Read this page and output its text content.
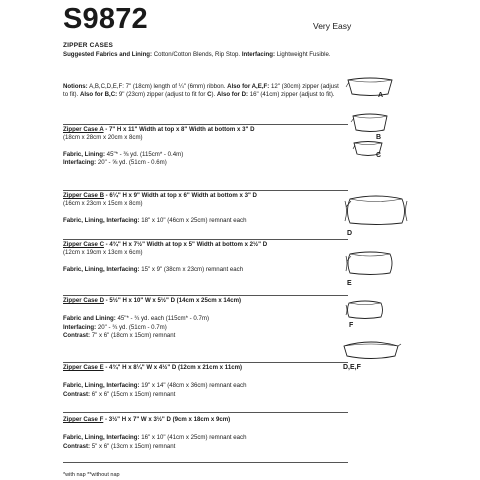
S9872	Very Easy
ZIPPER CASES
Suggested Fabrics and Lining: Cotton/Cotton Blends, Rip Stop. Interfacing: Lightweight Fusible.
Notions: A,B,C,D,E,F: 7" (18cm) length of ¼" (6mm) ribbon. Also for A,E,F: 12" (30cm) zipper (adjust to fit). Also for B,C: 9" (23cm) zipper (adjust to fit for C). Also for D: 16" (41cm) zipper (adjust to fit).
Zipper Case A - 7" H x 11" Width at top x 8" Width at bottom x 3" D
(18cm x 28cm x 20cm x 8cm)
Fabric, Lining: 45"* - ⅜ yd. (115cm* - 0.4m)
Interfacing: 20" - ⅝ yd. (51cm - 0.6m)
Zipper Case B - 6¼" H x 9" Width at top x 6" Width at bottom x 3" D
(16cm x 23cm x 15cm x 8cm)
Fabric, Lining, Interfacing: 18" x 10" (46cm x 25cm) remnant each
Zipper Case C - 4¾" H x 7½" Width at top x 5" Width at bottom x 2½" D
(12cm x 19cm x 13cm x 6cm)
Fabric, Lining, Interfacing: 15" x 9" (38cm x 23cm) remnant each
Zipper Case D - 5½" H x 10" W x 5½" D (14cm x 25cm x 14cm)
Fabric and Lining: 45"* - ¾ yd. each (115cm* - 0.7m)
Interfacing: 20" - ¾ yd. (51cm - 0.7m)
Contrast: 7" x 6" (18cm x 15cm) remnant
Zipper Case E - 4¾" H x 8¼" W x 4½" D (12cm x 21cm x 11cm)
Fabric, Lining, Interfacing: 19" x 14" (48cm x 36cm) remnant each
Contrast: 6" x 6" (15cm x 15cm) remnant
Zipper Case F - 3½" H x 7" W x 3½" D (9cm x 18cm x 9cm)
Fabric, Lining, Interfacing: 16" x 10" (41cm x 25cm) remnant each
Contrast: 5" x 6" (13cm x 15cm) remnant
*with nap **without nap
A
B
C
D
E
F
D,E,F
